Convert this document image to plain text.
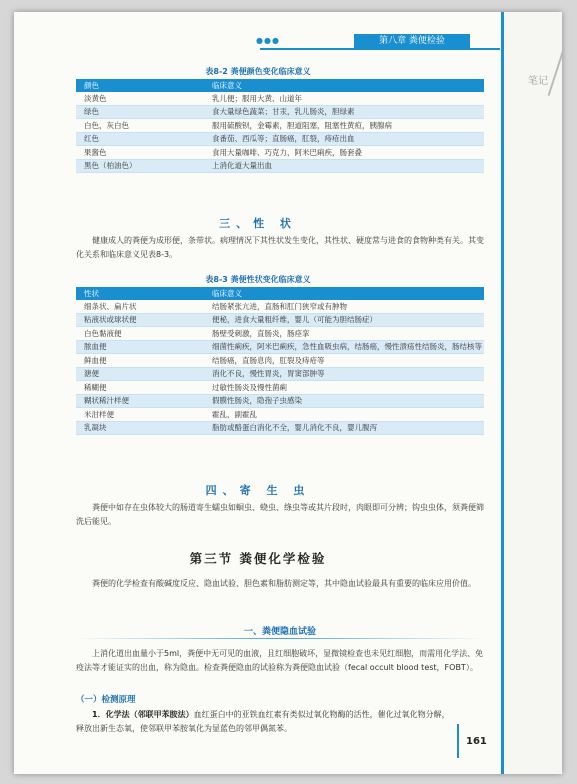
笔记
●●●	第八章 粪便检验
表8-2 粪便颜色变化临床意义
颜色	临床意义
淡黄色	乳儿便；服用大黄、山道年
绿色	食大量绿色蔬菜；甘汞，乳儿肠炎，胆绿素
白色，灰白色	服用硫酸钡，金霉素，胆道阻塞，阻塞性黄疸，胰腺病
红色	食番茄、西瓜等；直肠癌，肛裂，痔疮出血
果酱色	食用大量咖啡、巧克力，阿米巴痢疾，肠套叠
黑色（柏油色）	上消化道大量出血
三、性 状
健康成人的粪便为成形便，条带状。病理情况下其性状发生变化，其性状、硬度常与进食的食物种类有关。其变化关系和临床意义见表8-3。
表8-3 粪便性状变化临床意义
性状	临床意义
细条状、扁片状	结肠紧张亢进，直肠和肛门狭窄或有肿物
粘液状或球状便	便秘，进食大量粗纤维，婴儿（可能为胆结肠症）
白色黏液便	肠壁受刺激，直肠炎，肠痉挛
脓血便	细菌性痢疾，阿米巴痢疾，急性血吸虫病，结肠癌，慢性溃疡性结肠炎，肠结核等
鲜血便	结肠癌，直肠息肉，肛裂及痔疮等
溏便	消化不良，慢性胃炎，胃窦部肿等
稀糊便	过敏性肠炎及慢性菌痢
糊状稀汁样便	假膜性肠炎，隐孢子虫感染
米泔样便	霍乱，副霍乱
乳凝块	脂肪或酪蛋白消化不全，婴儿消化不良，婴儿腹泻
四、寄 生 虫
粪便中如存在虫体较大的肠道寄生蠕虫如蛔虫、蛲虫、绦虫等或其片段时，肉眼即可分辨；钩虫虫体，须粪便筛洗后能见。
第三节 粪便化学检验
粪便的化学检查有酸碱度反应、隐血试验、胆色素和脂肪测定等，其中隐血试验最具有重要的临床应用价值。
一、粪便隐血试验
上消化道出血量小于5ml，粪便中无可见的血液，且红细胞破坏，显微镜检查也未见红细胞，而需用化学法、免疫法等才能证实的出血，称为隐血。检查粪便隐血的试验称为粪便隐血试验（fecal occult blood test，FOBT）。
（一）检测原理
1．化学法（邻联甲苯胺法）血红蛋白中的亚铁血红素有类似过氧化物酶的活性，催化过氧化物分解，释放出新生态氧，使邻联甲苯胺氧化为显蓝色的邻甲偶氮苯。
161
